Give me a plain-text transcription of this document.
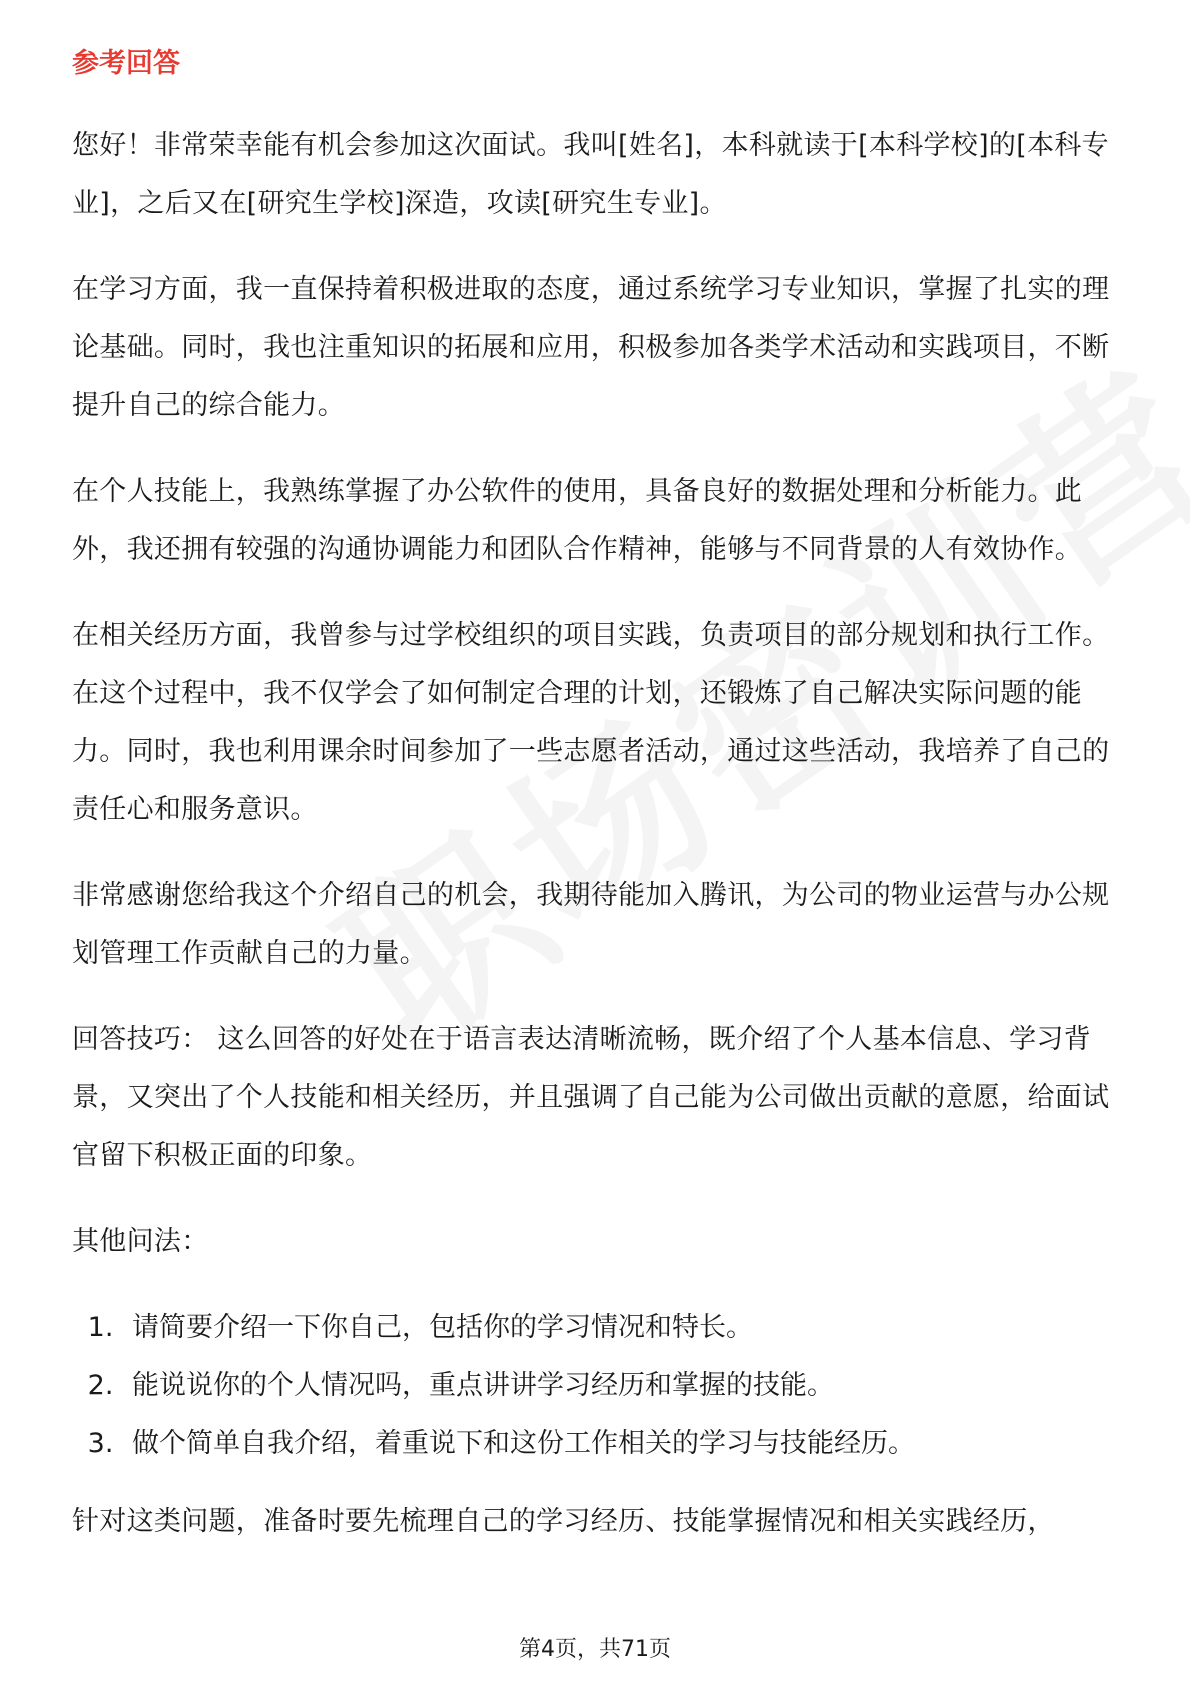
参考回答

您好！非常荣幸能有机会参加这次面试。我叫[姓名]，本科就读于[本科学校]的[本科专业]，之后又在[研究生学校]深造，攻读[研究生专业]。

在学习方面，我一直保持着积极进取的态度，通过系统学习专业知识，掌握了扎实的理论基础。同时，我也注重知识的拓展和应用，积极参加各类学术活动和实践项目，不断提升自己的综合能力。

在个人技能上，我熟练掌握了办公软件的使用，具备良好的数据处理和分析能力。此外，我还拥有较强的沟通协调能力和团队合作精神，能够与不同背景的人有效协作。

在相关经历方面，我曾参与过学校组织的项目实践，负责项目的部分规划和执行工作。在这个过程中，我不仅学会了如何制定合理的计划，还锻炼了自己解决实际问题的能力。同时，我也利用课余时间参加了一些志愿者活动，通过这些活动，我培养了自己的责任心和服务意识。

非常感谢您给我这个介绍自己的机会，我期待能加入腾讯，为公司的物业运营与办公规划管理工作贡献自己的力量。

回答技巧： 这么回答的好处在于语言表达清晰流畅，既介绍了个人基本信息、学习背景，又突出了个人技能和相关经历，并且强调了自己能为公司做出贡献的意愿，给面试官留下积极正面的印象。

其他问法：

1. 请简要介绍一下你自己，包括你的学习情况和特长。
2. 能说说你的个人情况吗，重点讲讲学习经历和掌握的技能。
3. 做个简单自我介绍，着重说下和这份工作相关的学习与技能经历。

针对这类问题，准备时要先梳理自己的学习经历、技能掌握情况和相关实践经历，

第4页，共71页
